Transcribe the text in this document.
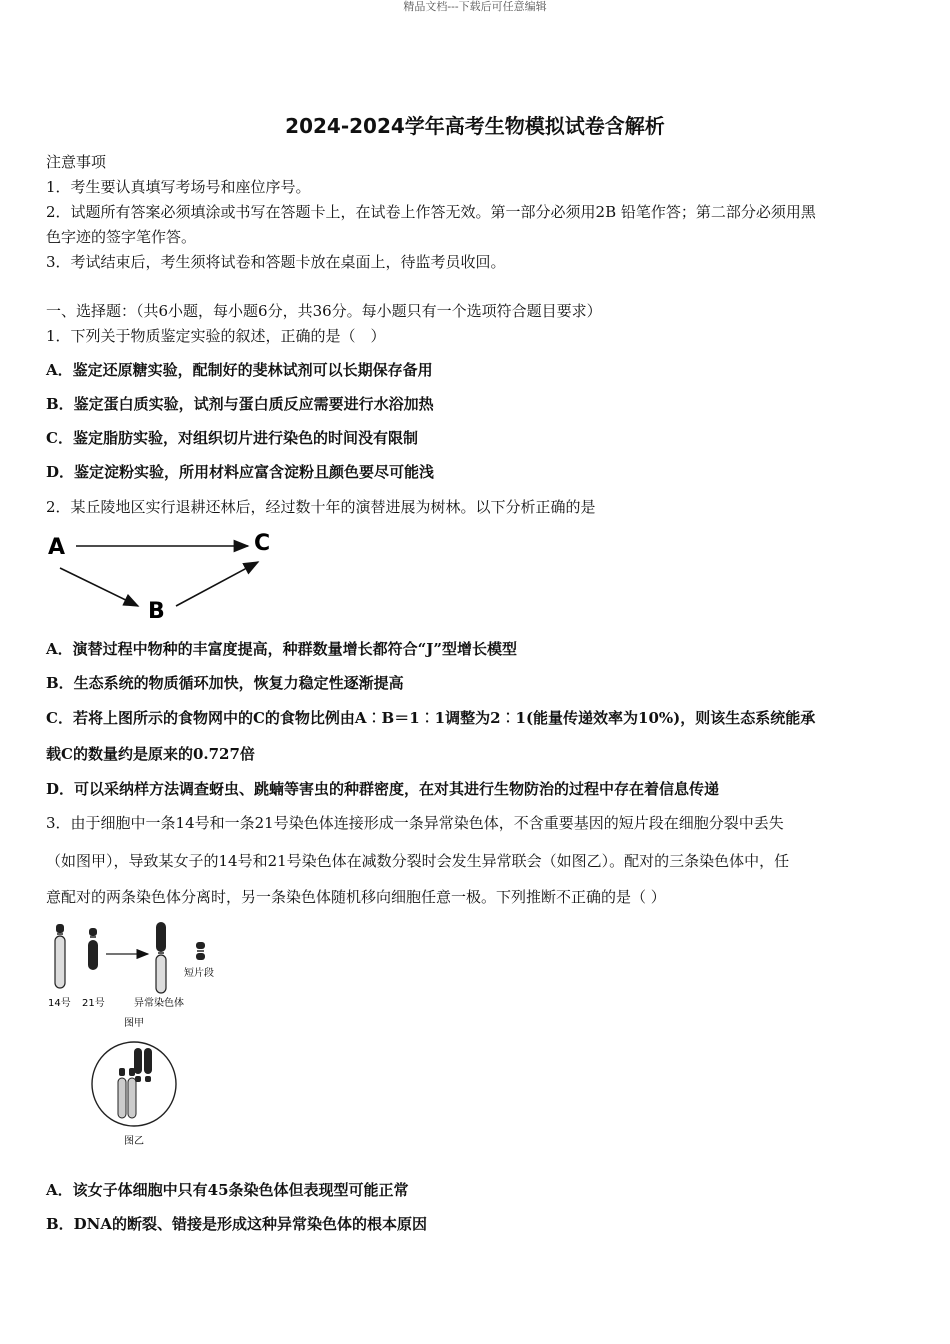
精品文档---下载后可任意编辑
2024-2024学年高考生物模拟试卷含解析
注意事项
1．考生要认真填写考场号和座位序号。
2．试题所有答案必须填涂或书写在答题卡上，在试卷上作答无效。第一部分必须用2B 铅笔作答；第二部分必须用黑
色字迹的签字笔作答。
3．考试结束后，考生须将试卷和答题卡放在桌面上，待监考员收回。
一、选择题：（共6小题，每小题6分，共36分。每小题只有一个选项符合题目要求）
1．下列关于物质鉴定实验的叙述，正确的是（　）
A．鉴定还原糖实验，配制好的斐林试剂可以长期保存备用
B．鉴定蛋白质实验，试剂与蛋白质反应需要进行水浴加热
C．鉴定脂肪实验，对组织切片进行染色的时间没有限制
D．鉴定淀粉实验，所用材料应富含淀粉且颜色要尽可能浅
2．某丘陵地区实行退耕还林后，经过数十年的演替进展为树林。以下分析正确的是
A	C
B
A．演替过程中物种的丰富度提高，种群数量增长都符合“J”型增长模型
B．生态系统的物质循环加快，恢复力稳定性逐渐提高
C．若将上图所示的食物网中的C的食物比例由A︰B＝1︰1调整为2︰1(能量传递效率为10%)，则该生态系统能承
载C的数量约是原来的0.727倍
D．可以采纳样方法调查蚜虫、跳蝻等害虫的种群密度，在对其进行生物防治的过程中存在着信息传递
3．由于细胞中一条14号和一条21号染色体连接形成一条异常染色体，不含重要基因的短片段在细胞分裂中丢失
（如图甲），导致某女子的14号和21号染色体在减数分裂时会发生异常联会（如图乙）。配对的三条染色体中，任
意配对的两条染色体分离时，另一条染色体随机移向细胞任意一极。下列推断不正确的是（ ）
14号 21号	异常染色体
短片段
图甲
图乙
A．该女子体细胞中只有45条染色体但表现型可能正常
B．DNA的断裂、错接是形成这种异常染色体的根本原因
